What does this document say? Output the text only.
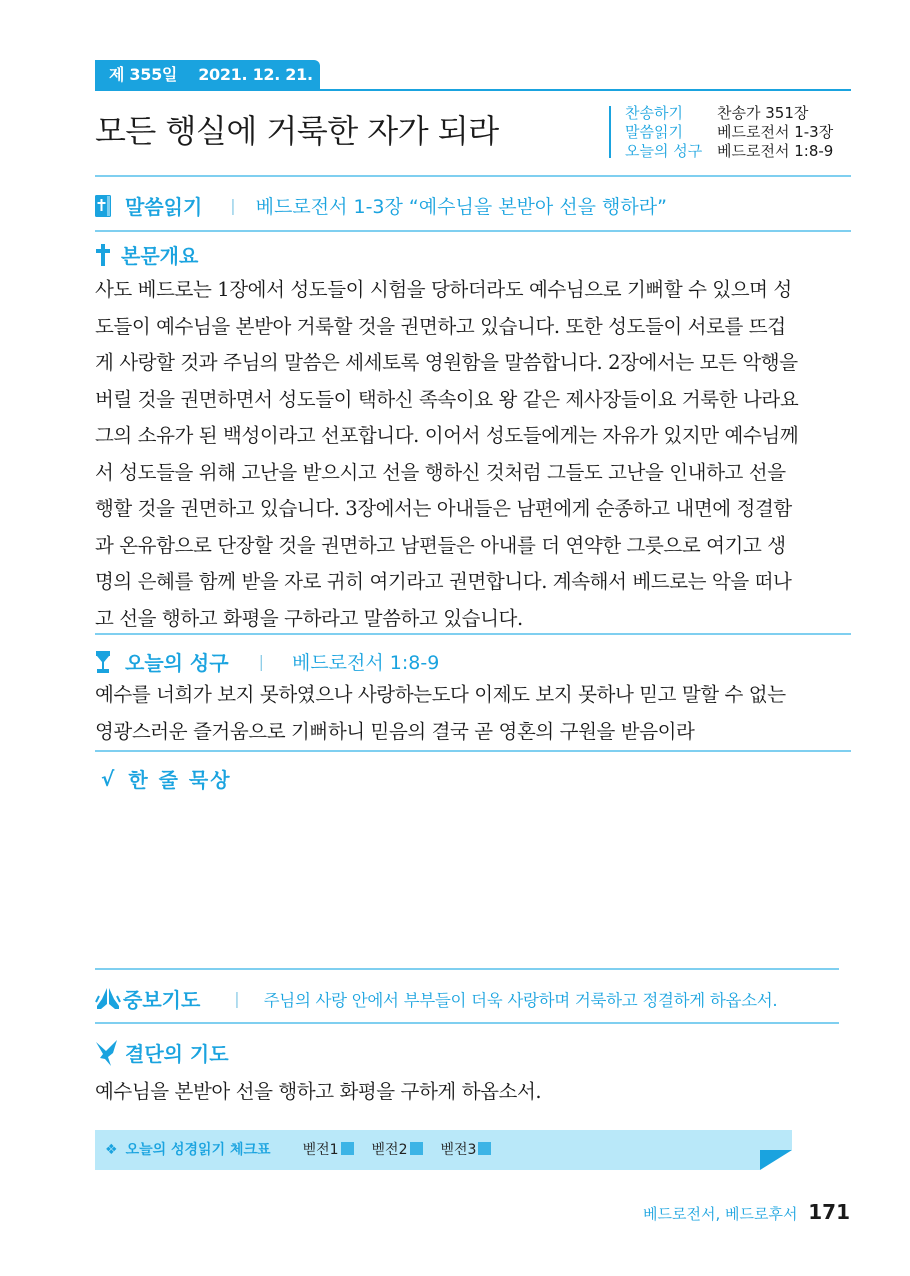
제 355일 2021. 12. 21. 화
모든 행실에 거룩한 자가 되라	찬송하기	찬송가 351장
말씀읽기	베드로전서 1-3장
오늘의 성구 베드로전서 1:8-9
말씀읽기 | 베드로전서 1-3장 “예수님을 본받아 선을 행하라”
본문개요
사도 베드로는 1장에서 성도들이 시험을 당하더라도 예수님으로 기뻐할 수 있으며 성
도들이 예수님을 본받아 거룩할 것을 권면하고 있습니다. 또한 성도들이 서로를 뜨겁
게 사랑할 것과 주님의 말씀은 세세토록 영원함을 말씀합니다. 2장에서는 모든 악행을
버릴 것을 권면하면서 성도들이 택하신 족속이요 왕 같은 제사장들이요 거룩한 나라요
그의 소유가 된 백성이라고 선포합니다. 이어서 성도들에게는 자유가 있지만 예수님께
서 성도들을 위해 고난을 받으시고 선을 행하신 것처럼 그들도 고난을 인내하고 선을
행할 것을 권면하고 있습니다. 3장에서는 아내들은 남편에게 순종하고 내면에 정결함
과 온유함으로 단장할 것을 권면하고 남편들은 아내를 더 연약한 그릇으로 여기고 생
명의 은혜를 함께 받을 자로 귀히 여기라고 권면합니다. 계속해서 베드로는 악을 떠나
고 선을 행하고 화평을 구하라고 말씀하고 있습니다.
오늘의 성구 | 베드로전서 1:8-9
예수를 너희가 보지 못하였으나 사랑하는도다 이제도 보지 못하나 믿고 말할 수 없는
영광스러운 즐거움으로 기뻐하니 믿음의 결국 곧 영혼의 구원을 받음이라
√ 한 줄 묵상
중보기도 | 주님의 사랑 안에서 부부들이 더욱 사랑하며 거룩하고 정결하게 하옵소서.
결단의 기도
예수님을 본받아 선을 행하고 화평을 구하게 하옵소서.
❖ 오늘의 성경읽기 체크표 벧전1	벧전2	벧전3
베드로전서, 베드로후서 171
